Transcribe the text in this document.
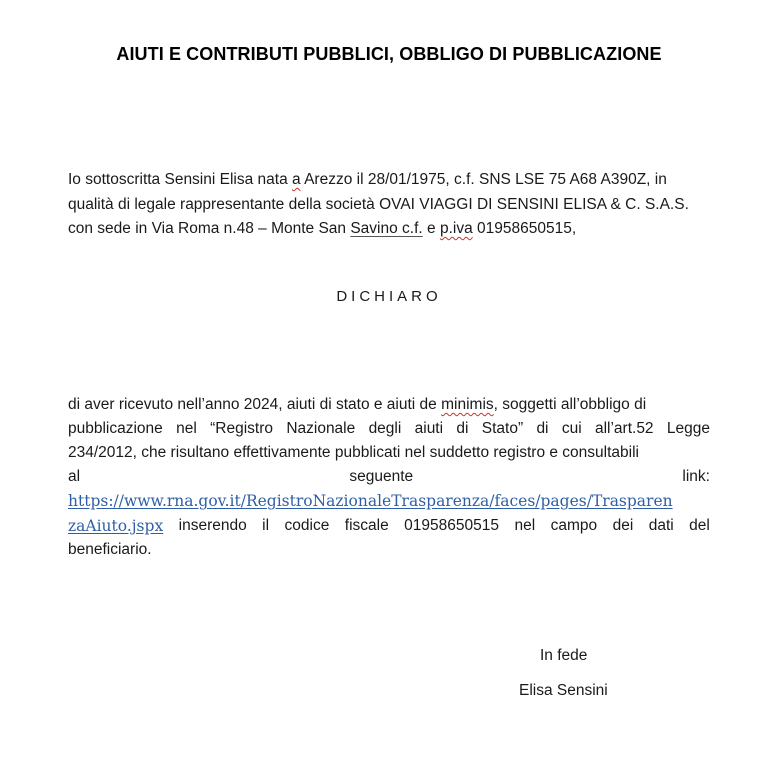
AIUTI E CONTRIBUTI PUBBLICI, OBBLIGO DI PUBBLICAZIONE
Io sottoscritta Sensini Elisa nata a Arezzo il 28/01/1975, c.f. SNS LSE 75 A68 A390Z, in
qualità di legale rappresentante della società OVAI VIAGGI DI SENSINI ELISA & C. S.A.S.
con sede in Via Roma n.48 – Monte San Savino c.f. e p.iva 01958650515,
DICHIARO
di aver ricevuto nell’anno 2024, aiuti di stato e aiuti de minimis, soggetti all’obbligo di
pubblicazione nel “Registro Nazionale degli aiuti di Stato” di cui all’art.52 Legge
234/2012, che risultano effettivamente pubblicati nel suddetto registro e consultabili
al	seguente	link:
https://www.rna.gov.it/RegistroNazionaleTrasparenza/faces/pages/Trasparen
zaAiuto.jspx inserendo il codice fiscale 01958650515 nel campo dei dati del
beneficiario.
In fede
Elisa Sensini
